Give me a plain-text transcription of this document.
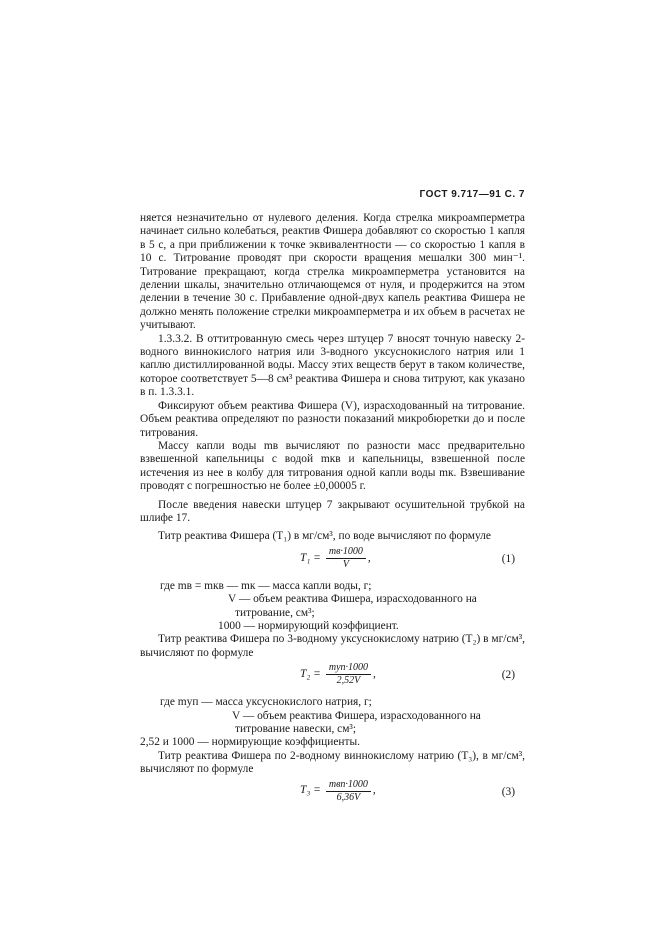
ГОСТ 9.717—91 С. 7

няется незначительно от нулевого деления. Когда стрелка микроамперметра начинает сильно колебаться, реактив Фишера добавляют со скоростью 1 капля в 5 с, а при приближении к точке эквивалентности — со скоростью 1 капля в 10 с. Титрование проводят при скорости вращения мешалки 300 мин⁻¹. Титрование прекращают, когда стрелка микроамперметра установится на делении шкалы, значительно отличающемся от нуля, и продержится на этом делении в течение 30 с. Прибавление одной-двух капель реактива Фишера не должно менять положение стрелки микроамперметра и их объем в расчетах не учитывают.

1.3.3.2. В оттитрованную смесь через штуцер 7 вносят точную навеску 2-водного виннокислого натрия или 3-водного уксуснокислого натрия или 1 каплю дистиллированной воды. Массу этих веществ берут в таком количестве, которое соответствует 5—8 см³ реактива Фишера и снова титруют, как указано в п. 1.3.3.1.

Фиксируют объем реактива Фишера (V), израсходованный на титрование. Объем реактива определяют по разности показаний микробюретки до и после титрования.

Массу капли воды mв вычисляют по разности масс предварительно взвешенной капельницы с водой mкв и капельницы, взвешенной после истечения из нее в колбу для титрования одной капли воды mк. Взвешивание проводят с погрешностью не более ±0,00005 г.

После введения навески штуцер 7 закрывают осушительной трубкой на шлифе 17.

Титр реактива Фишера (T₁) в мг/см³, по воде вычисляют по формуле

$T_1 = \frac{mв\cdot 1000}{V}$ ,	(1)

где mв = mкв — mк — масса капли воды, г;

V — объем реактива Фишера, израсходованного на

титрование, см³;

1000 — нормирующий коэффициент.

Титр реактива Фишера по 3-водному уксуснокислому натрию (T₂) в мг/см³, вычисляют по формуле

$T_2 = \frac{\text{mуп·1000}}{2,52V}$ ,	(2)

где mуп — масса уксуснокислого натрия, г;

V — объем реактива Фишера, израсходованного на

титрование навески, см³;

2,52 и 1000 — нормирующие коэффициенты.

Титр реактива Фишера по 2-водному виннокислому натрию (T₃), в мг/см³, вычисляют по формуле

$T_3 = \frac{\text{mвп·1000}}{6,36V}$ ,	(3)
